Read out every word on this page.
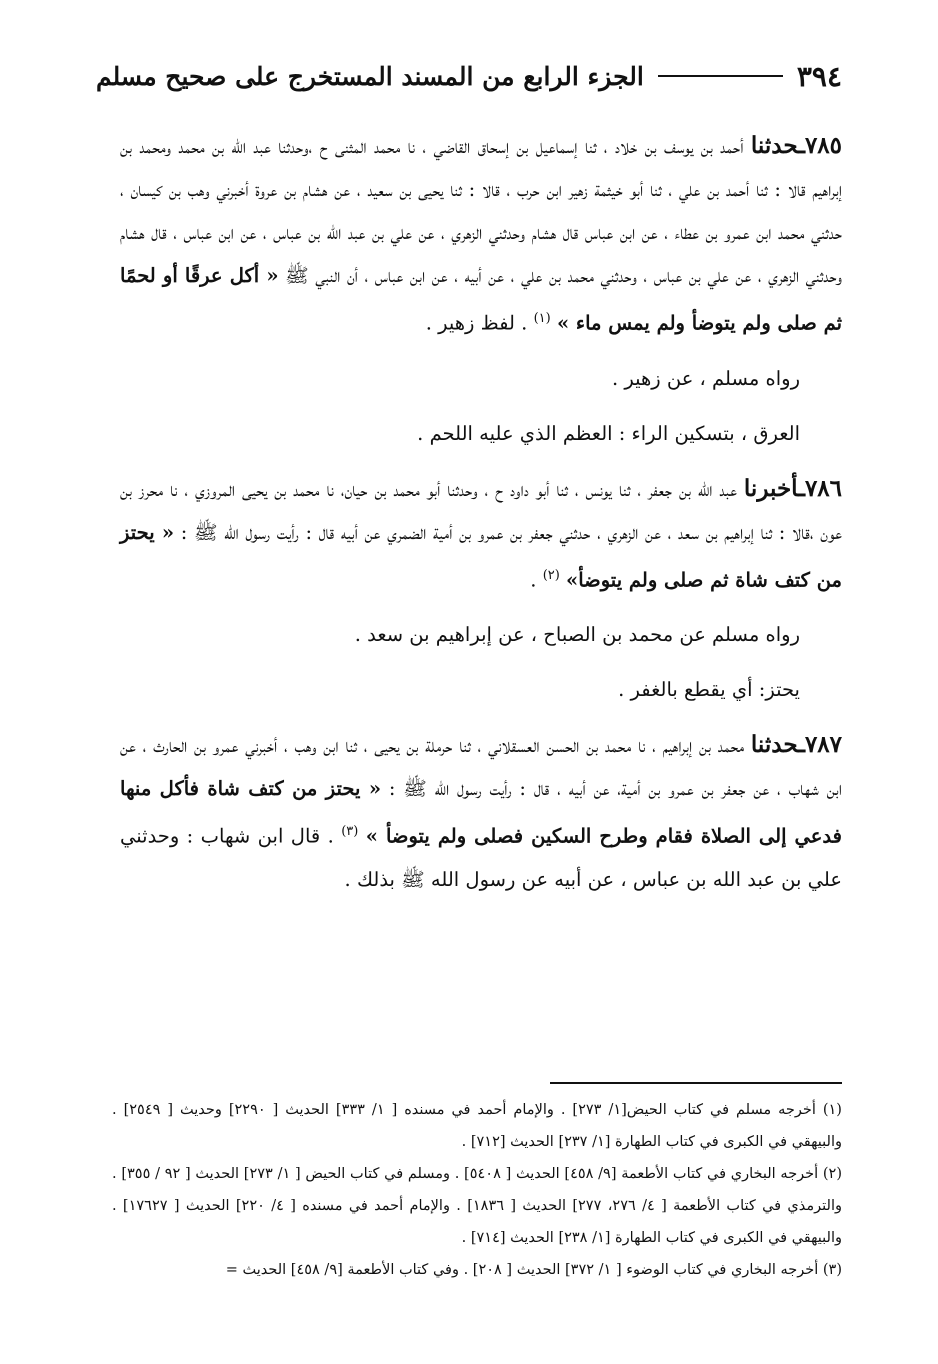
٣٩٤
الجزء الرابع من المسند المستخرج على صحيح مسلم

٧٨٥ـحدثنا أحمد بن يوسف بن خلاد ، ثنا إسماعيل بن إسحاق القاضي ، نا محمد المثنى ح ،وحدثنا عبد الله بن محمد ومحمد بن إبراهيم قالا : ثنا أحمد بن علي ، ثنا أبو خيثمة زهير ابن حرب ، قالا : ثنا يحيى بن سعيد ، عن هشام بن عروة أخبرني وهب بن كيسان ، حدثني محمد ابن عمرو بن عطاء ، عن ابن عباس قال هشام وحدثني الزهري ، عن علي بن عبد الله بن عباس ، عن ابن عباس ، قال هشام وحدثني الزهري ، عن علي بن عباس ، وحدثني محمد بن علي ، عن أبيه ، عن ابن عباس ، أن النبي ﷺ « أكل عرقًا أو لحمًا ثم صلى ولم يتوضأ ولم يمس ماء » $^{(١)}$ . لفظ زهير .

رواه مسلم ، عن زهير .

العرق ، بتسكين الراء : العظم الذي عليه اللحم .

٧٨٦ـأخبرنا عبد الله بن جعفر ، ثنا يونس ، ثنا أبو داود ح ، وحدثنا أبو محمد بن حيان، نا محمد بن يحيى المروزي ، نا محرز بن عون ،قالا : ثنا إبراهيم بن سعد ، عن الزهري ، حدثني جعفر بن عمرو بن أمية الضمري عن أبيه قال : رأيت رسول الله ﷺ : « يحتز من كتف شاة ثم صلى ولم يتوضأ» $^{(٢)}$ .

رواه مسلم عن محمد بن الصباح ، عن إبراهيم بن سعد .

يحتز: أي يقطع بالغفر .

٧٨٧ـحدثنا محمد بن إبراهيم ، نا محمد بن الحسن العسقلاني ، ثنا حرملة بن يحيى ، ثنا ابن وهب ، أخبرني عمرو بن الحارث ، عن ابن شهاب ، عن جعفر بن عمرو بن أمية، عن أبيه ، قال : رأيت رسول الله ﷺ : « يحتز من كتف شاة فأكل منها فدعي إلى الصلاة فقام وطرح السكين فصلى ولم يتوضأ » $^{(٣)}$ . قال ابن شهاب : وحدثني علي بن عبد الله بن عباس ، عن أبيه عن رسول الله ﷺ بذلك .

(١) أخرجه مسلم في كتاب الحيض[١/ ٢٧٣] . والإمام أحمد في مسنده [ ١/ ٣٣٣] الحديث [ ٢٢٩٠] وحديث [ ٢٥٤٩] . والبيهقي في الكبرى في كتاب الطهارة [١/ ٢٣٧] الحديث [٧١٢] .

(٢) أخرجه البخاري في كتاب الأطعمة [٩/ ٤٥٨] الحديث [ ٥٤٠٨] . ومسلم في كتاب الحيض [ ١/ ٢٧٣] الحديث [ ٩٢ / ٣٥٥] . والترمذي في كتاب الأطعمة [ ٤/ ٢٧٦، ٢٧٧] الحديث [ ١٨٣٦] . والإمام أحمد في مسنده [ ٤/ ٢٢٠] الحديث [ ١٧٦٢٧] . والبيهقي في الكبرى في كتاب الطهارة [١/ ٢٣٨] الحديث [٧١٤] .

(٣) أخرجه البخاري في كتاب الوضوء [ ١/ ٣٧٢] الحديث [ ٢٠٨] . وفي كتاب الأطعمة [٩/ ٤٥٨] الحديث =
